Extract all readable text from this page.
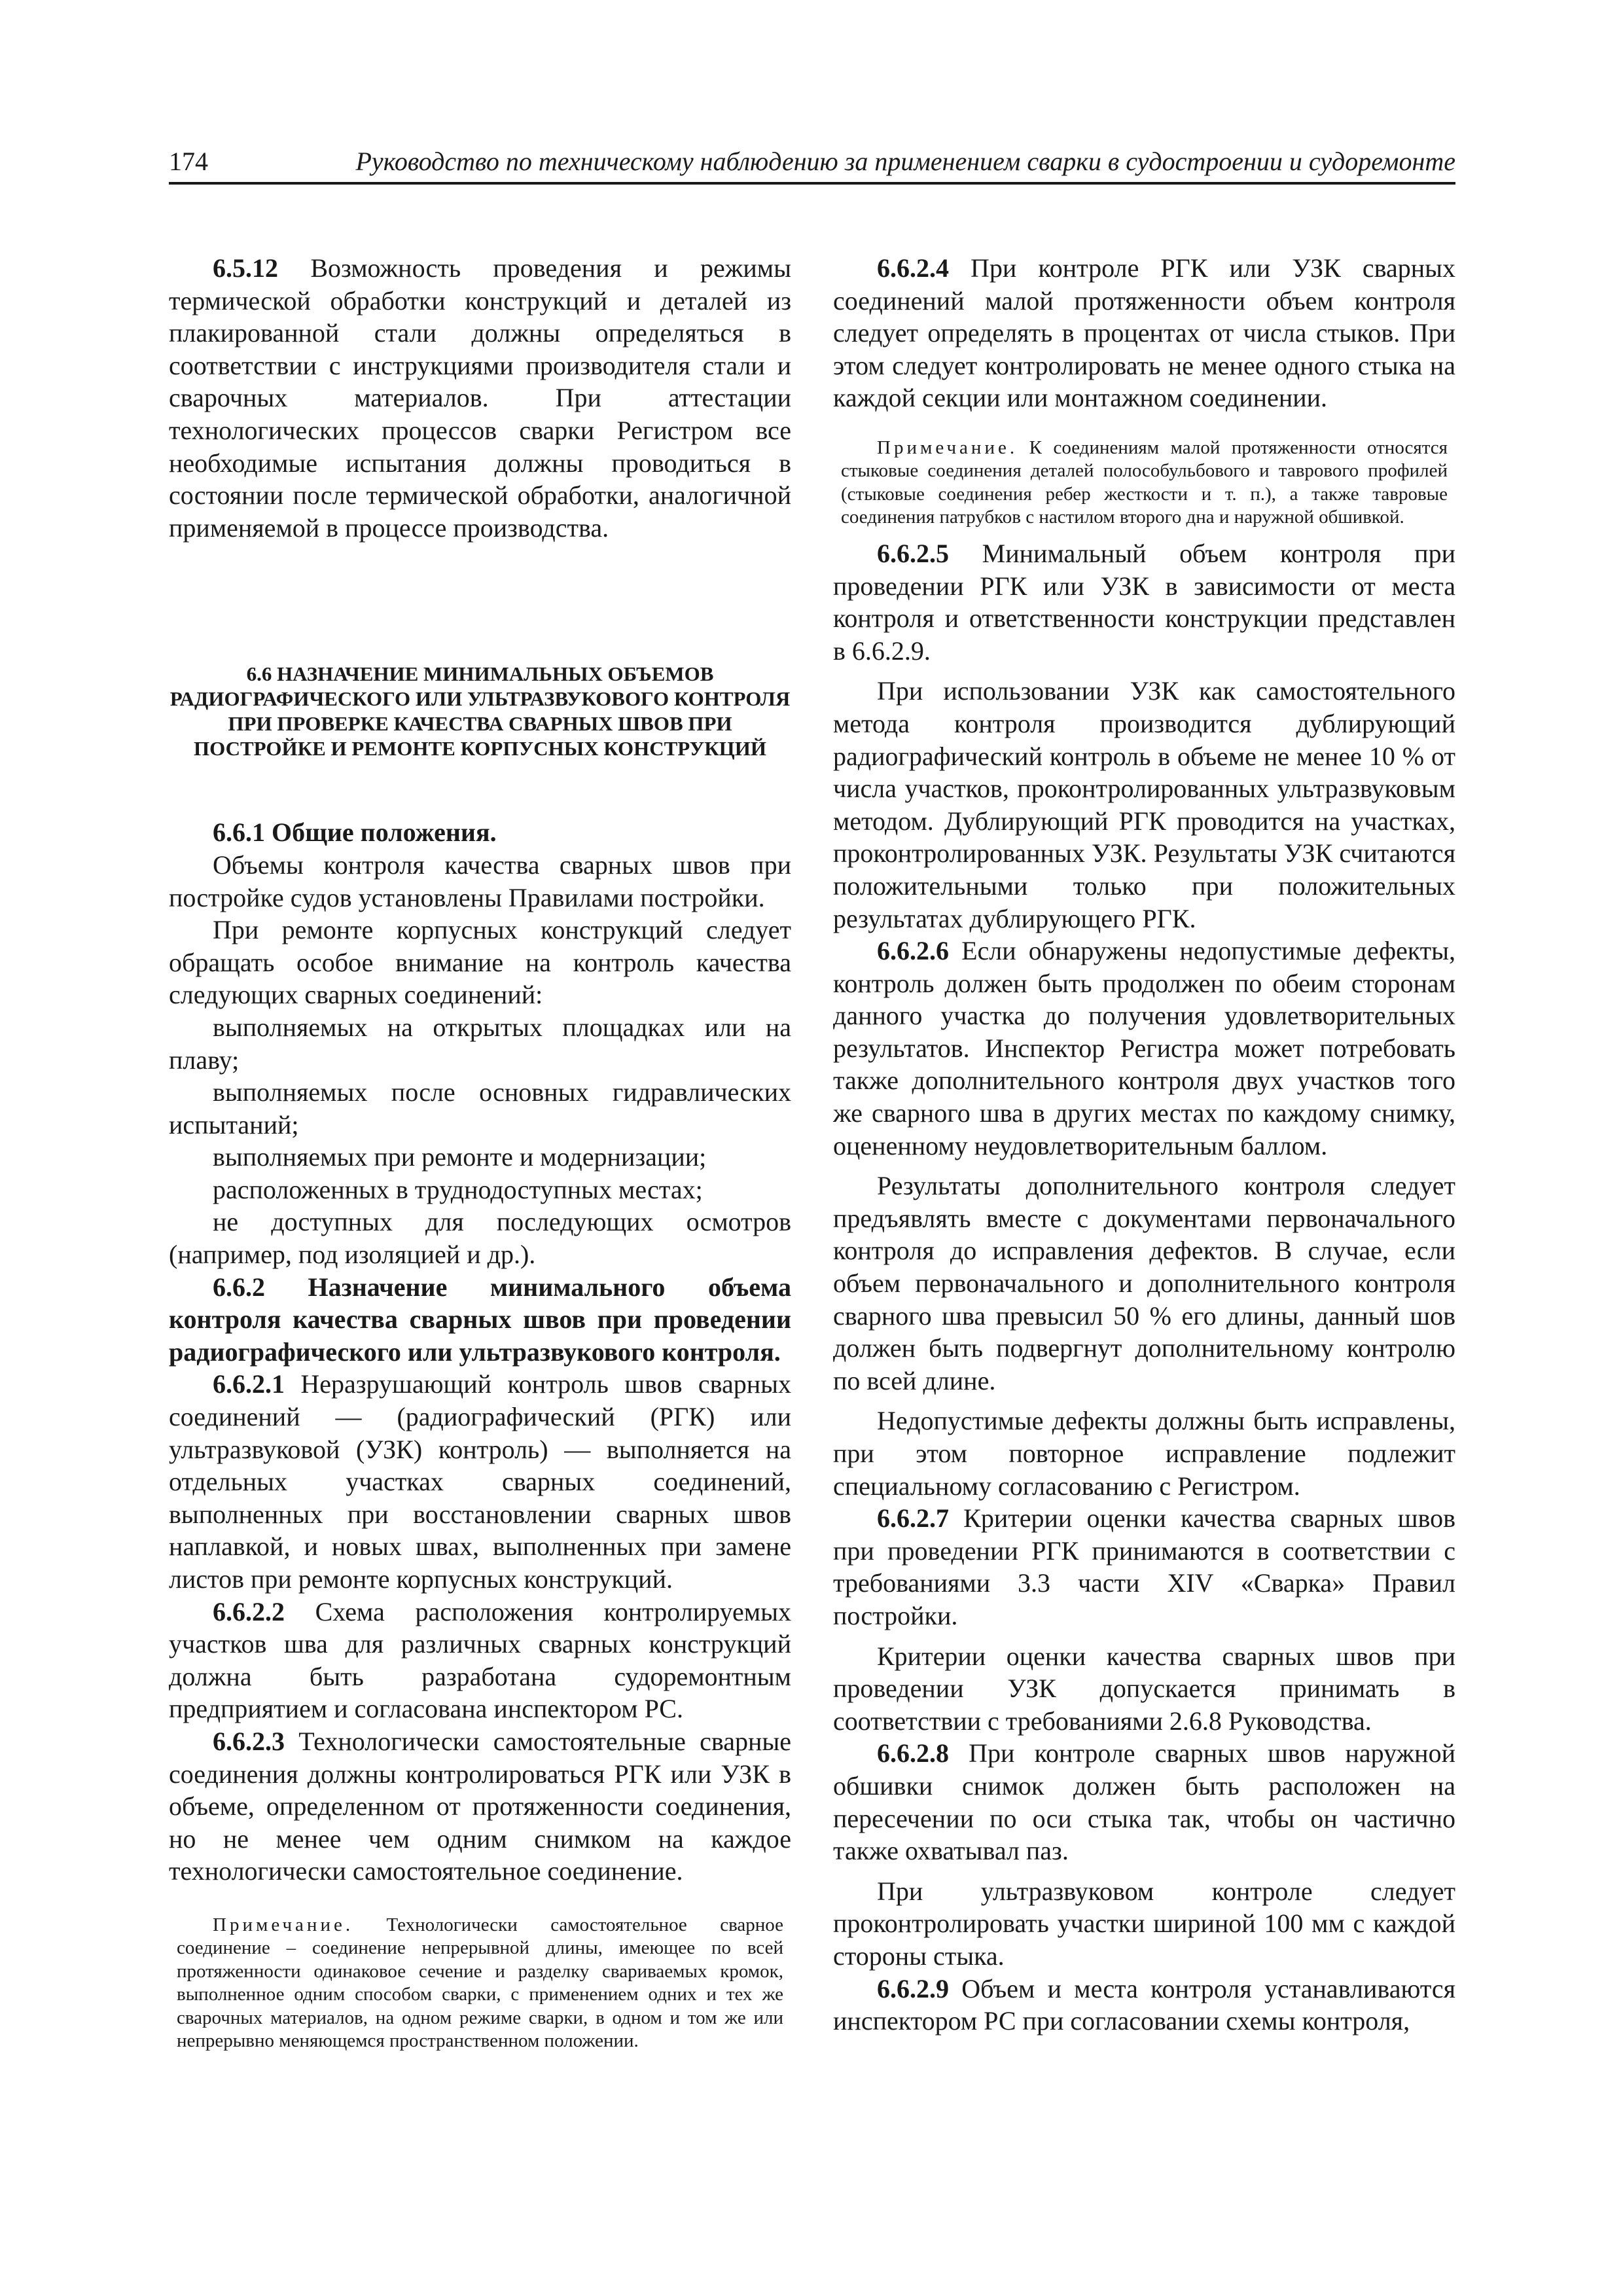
174	Руководство по техническому наблюдению за применением сварки в судостроении и судоремонте

6.5.12 Возможность проведения и режимы термической обработки конструкций и деталей из плакированной стали должны определяться в соответствии с инструкциями производителя стали и сварочных материалов. При аттестации технологических процессов сварки Регистром все необходимые испытания должны проводиться в состоянии после термической обработки, аналогичной применяемой в процессе производства.

6.6 НАЗНАЧЕНИЕ МИНИМАЛЬНЫХ ОБЪЕМОВ РАДИОГРАФИЧЕСКОГО ИЛИ УЛЬТРАЗВУКОВОГО КОНТРОЛЯ ПРИ ПРОВЕРКЕ КАЧЕСТВА СВАРНЫХ ШВОВ ПРИ ПОСТРОЙКЕ И РЕМОНТЕ КОРПУСНЫХ КОНСТРУКЦИЙ

6.6.1 Общие положения.

Объемы контроля качества сварных швов при постройке судов установлены Правилами постройки.

При ремонте корпусных конструкций следует обращать особое внимание на контроль качества следующих сварных соединений:

выполняемых на открытых площадках или на плаву;

выполняемых после основных гидравлических испытаний;

выполняемых при ремонте и модернизации;

расположенных в труднодоступных местах;

не доступных для последующих осмотров (например, под изоляцией и др.).

6.6.2 Назначение минимального объема контроля качества сварных швов при проведении радиографического или ультразвукового контроля.

6.6.2.1 Неразрушающий контроль швов сварных соединений — (радиографический (РГК) или ультразвуковой (УЗК) контроль) — выполняется на отдельных участках сварных соединений, выполненных при восстановлении сварных швов наплавкой, и новых швах, выполненных при замене листов при ремонте корпусных конструкций.

6.6.2.2 Схема расположения контролируемых участков шва для различных сварных конструкций должна быть разработана судоремонтным предприятием и согласована инспектором РС.

6.6.2.3 Технологически самостоятельные сварные соединения должны контролироваться РГК или УЗК в объеме, определенном от протяженности соединения, но не менее чем одним снимком на каждое технологически самостоятельное соединение.

Примечание. Технологически самостоятельное сварное соединение – соединение непрерывной длины, имеющее по всей протяженности одинаковое сечение и разделку свариваемых кромок, выполненное одним способом сварки, с применением одних и тех же сварочных материалов, на одном режиме сварки, в одном и том же или непрерывно меняющемся пространственном положении.

6.6.2.4 При контроле РГК или УЗК сварных соединений малой протяженности объем контроля следует определять в процентах от числа стыков. При этом следует контролировать не менее одного стыка на каждой секции или монтажном соединении.

Примечание. К соединениям малой протяженности относятся стыковые соединения деталей полособульбового и таврового профилей (стыковые соединения ребер жесткости и т. п.), а также тавровые соединения патрубков с настилом второго дна и наружной обшивкой.

6.6.2.5 Минимальный объем контроля при проведении РГК или УЗК в зависимости от места контроля и ответственности конструкции представлен в 6.6.2.9.

При использовании УЗК как самостоятельного метода контроля производится дублирующий радиографический контроль в объеме не менее 10 % от числа участков, проконтролированных ультразвуковым методом. Дублирующий РГК проводится на участках, проконтролированных УЗК. Результаты УЗК считаются положительными только при положительных результатах дублирующего РГК.

6.6.2.6 Если обнаружены недопустимые дефекты, контроль должен быть продолжен по обеим сторонам данного участка до получения удовлетворительных результатов. Инспектор Регистра может потребовать также дополнительного контроля двух участков того же сварного шва в других местах по каждому снимку, оцененному неудовлетворительным баллом.

Результаты дополнительного контроля следует предъявлять вместе с документами первоначального контроля до исправления дефектов. В случае, если объем первоначального и дополнительного контроля сварного шва превысил 50 % его длины, данный шов должен быть подвергнут дополнительному контролю по всей длине.

Недопустимые дефекты должны быть исправлены, при этом повторное исправление подлежит специальному согласованию с Регистром.

6.6.2.7 Критерии оценки качества сварных швов при проведении РГК принимаются в соответствии с требованиями 3.3 части XIV «Сварка» Правил постройки.

Критерии оценки качества сварных швов при проведении УЗК допускается принимать в соответствии с требованиями 2.6.8 Руководства.

6.6.2.8 При контроле сварных швов наружной обшивки снимок должен быть расположен на пересечении по оси стыка так, чтобы он частично также охватывал паз.

При ультразвуковом контроле следует проконтролировать участки шириной 100 мм с каждой стороны стыка.

6.6.2.9 Объем и места контроля устанавливаются инспектором РС при согласовании схемы контроля,
